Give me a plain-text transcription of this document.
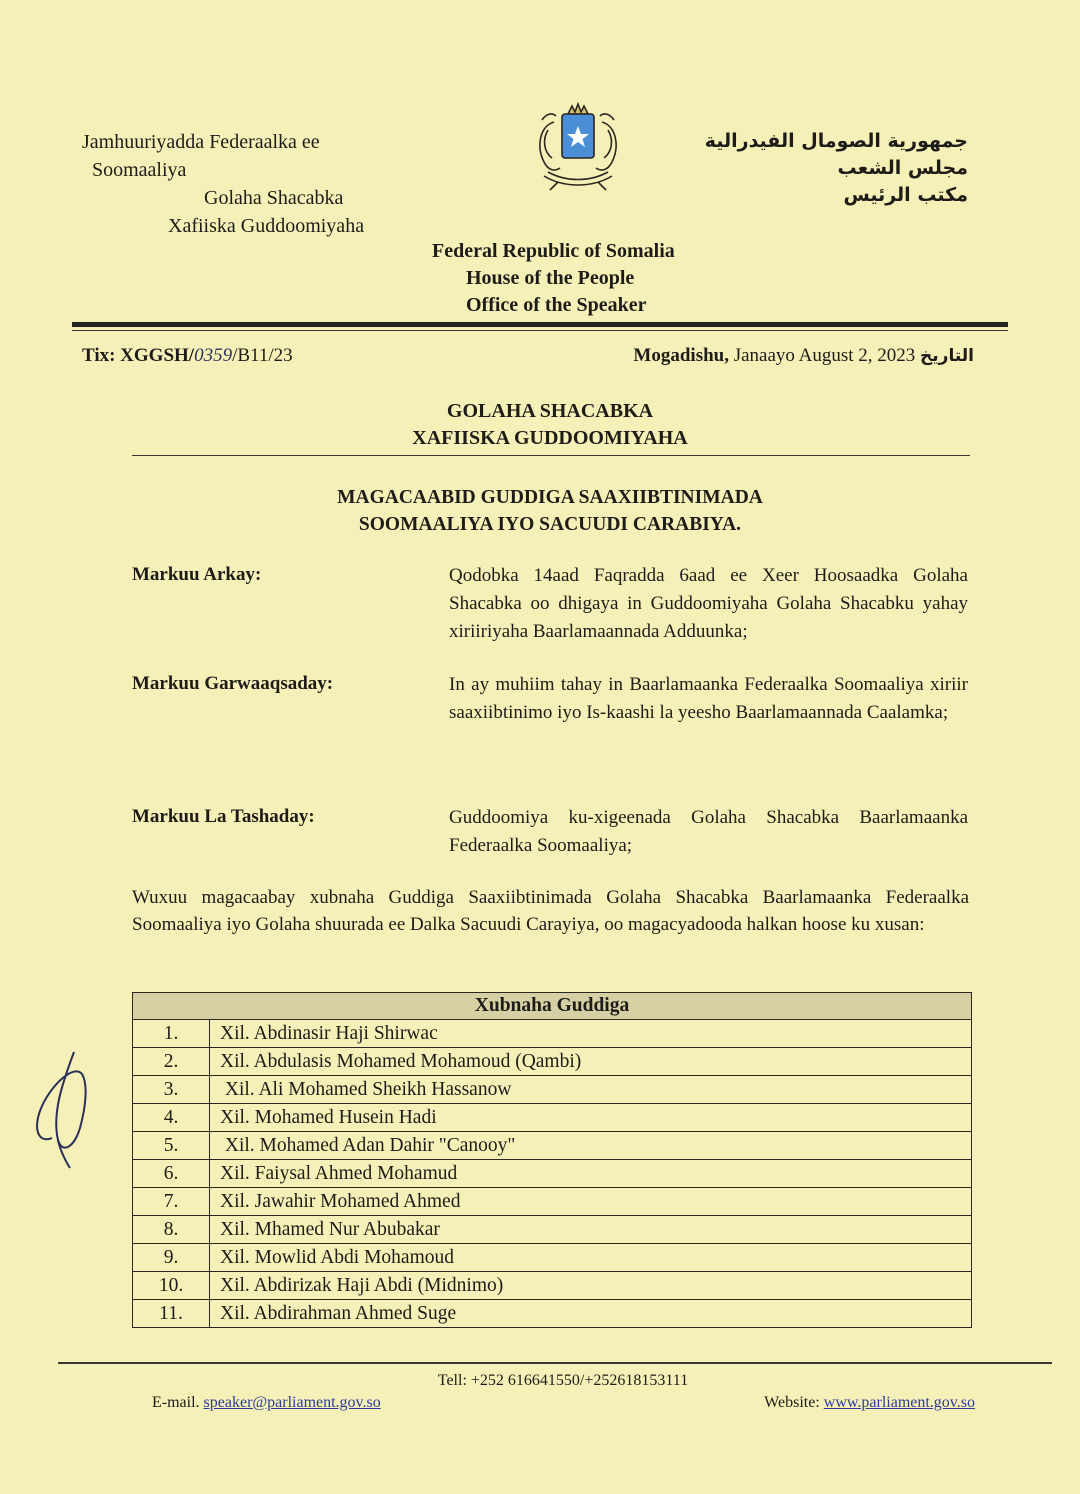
Jamhuuriyadda Federaalka ee
Soomaaliya
Golaha Shacabka
Xafiiska Guddoomiyaha
جمهورية الصومال الفيدرالية
مجلس الشعب
مكتب الرئيس
Federal Republic of Somalia
House of the People
Office of the Speaker
Tix: XGGSH/0359/B11/23	Mogadishu, Janaayo August 2, 2023 التاريخ
GOLAHA SHACABKA
XAFIISKA GUDDOOMIYAHA
MAGACAABID GUDDIGA SAAXIIBTINIMADA
SOOMAALIYA IYO SACUUDI CARABIYA.
Markuu Arkay:	Qodobka 14aad Faqradda 6aad ee Xeer Hoosaadka Golaha Shacabka oo dhigaya in Guddoomiyaha Golaha Shacabku yahay xiriiriyaha Baarlamaannada Adduunka;
Markuu Garwaaqsaday:	In ay muhiim tahay in Baarlamaanka Federaalka Soomaaliya xiriir saaxiibtinimo iyo Is-kaashi la yeesho Baarlamaannada Caalamka;
Markuu La Tashaday:	Guddoomiya ku-xigeenada Golaha Shacabka Baarlamaanka Federaalka Soomaaliya;
Wuxuu magacaabay xubnaha Guddiga Saaxiibtinimada Golaha Shacabka Baarlamaanka Federaalka Soomaaliya iyo Golaha shuurada ee Dalka Sacuudi Carayiya, oo magacyadooda halkan hoose ku xusan:
Xubnaha Guddiga	
1.	Xil. Abdinasir Haji Shirwac
2.	Xil. Abdulasis Mohamed Mohamoud (Qambi)
3.	Xil. Ali Mohamed Sheikh Hassanow
4.	Xil. Mohamed Husein Hadi
5.	Xil. Mohamed Adan Dahir "Canooy"
6.	Xil. Faiysal Ahmed Mohamud
7.	Xil. Jawahir Mohamed Ahmed
8.	Xil. Mhamed Nur Abubakar
9.	Xil. Mowlid Abdi Mohamoud
10.	Xil. Abdirizak Haji Abdi (Midnimo)
11.	Xil. Abdirahman Ahmed Suge
Tell: +252 616641550/+252618153111
E-mail. speaker@parliament.gov.so	Website: www.parliament.gov.so
